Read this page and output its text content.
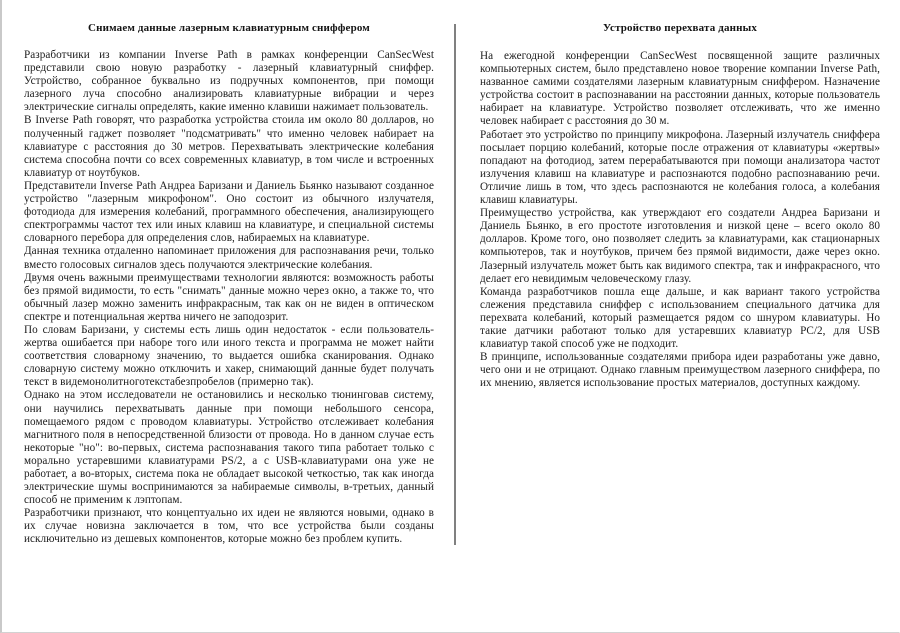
Снимаем данные лазерным клавиатурным сниффером

Разработчики из компании Inverse Path в рамках конференции CanSecWest представили свою новую разработку - лазерный клавиатурный сниффер. Устройство, собранное буквально из подручных компонентов, при помощи лазерного луча способно анализировать клавиатурные вибрации и через электрические сигналы определять, какие именно клавиши нажимает пользователь.

В Inverse Path говорят, что разработка устройства стоила им около 80 долларов, но полученный гаджет позволяет "подсматривать" что именно человек набирает на клавиатуре с расстояния до 30 метров. Перехватывать электрические колебания система способна почти со всех современных клавиатур, в том числе и встроенных клавиатур от ноутбуков.

Представители Inverse Path Андреа Баризани и Даниель Бьянко называют созданное устройство "лазерным микрофоном". Оно состоит из обычного излучателя, фотодиода для измерения колебаний, программного обеспечения, анализирующего спектрограммы частот тех или иных клавиш на клавиатуре, и специальной системы словарного перебора для определения слов, набираемых на клавиатуре.

Данная техника отдаленно напоминает приложения для распознавания речи, только вместо голосовых сигналов здесь получаются электрические колебания.

Двумя очень важными преимуществами технологии являются: возможность работы без прямой видимости, то есть "снимать" данные можно через окно, а также то, что обычный лазер можно заменить инфракрасным, так как он не виден в оптическом спектре и потенциальная жертва ничего не заподозрит.

По словам Баризани, у системы есть лишь один недостаток - если пользователь-жертва ошибается при наборе того или иного текста и программа не может найти соответствия словарному значению, то выдается ошибка сканирования. Однако словарную систему можно отключить и хакер, снимающий данные будет получать текст в видемонолитноготекстабезпробелов (примерно так).

Однако на этом исследователи не остановились и несколько тюнинговав систему, они научились перехватывать данные при помощи небольшого сенсора, помещаемого рядом с проводом клавиатуры. Устройство отслеживает колебания магнитного поля в непосредственной близости от провода. Но в данном случае есть некоторые "но": во-первых, система распознавания такого типа работает только с морально устаревшими клавиатурами PS/2, а с USB-клавиатурами она уже не работает, а во-вторых, система пока не обладает высокой четкостью, так как иногда электрические шумы воспринимаются за набираемые символы, в-третьих, данный способ не применим к лэптопам.

Разработчики признают, что концептуально их идеи не являются новыми, однако в их случае новизна заключается в том, что все устройства были созданы исключительно из дешевых компонентов, которые можно без проблем купить.

Устройство перехвата данных

На ежегодной конференции CanSecWest посвященной защите различных компьютерных систем, было представлено новое творение компании Inverse Path, названное самими создателями лазерным клавиатурным сниффером. Назначение устройства состоит в распознавании на расстоянии данных, которые пользователь набирает на клавиатуре. Устройство позволяет отслеживать, что же именно человек набирает с расстояния до 30 м.

Работает это устройство по принципу микрофона. Лазерный излучатель сниффера посылает порцию колебаний, которые после отражения от клавиатуры «жертвы» попадают на фотодиод, затем перерабатываются при помощи анализатора частот излучения клавиш на клавиатуре и распознаются подобно распознаванию речи. Отличие лишь в том, что здесь распознаются не колебания голоса, а колебания клавиш клавиатуры.

Преимущество устройства, как утверждают его создатели Андреа Баризани и Даниель Бьянко, в его простоте изготовления и низкой цене – всего около 80 долларов. Кроме того, оно позволяет следить за клавиатурами, как стационарных компьютеров, так и ноутбуков, причем без прямой видимости, даже через окно. Лазерный излучатель может быть как видимого спектра, так и инфракрасного, что делает его невидимым человеческому глазу.

Команда разработчиков пошла еще дальше, и как вариант такого устройства слежения представила сниффер с использованием специального датчика для перехвата колебаний, который размещается рядом со шнуром клавиатуры. Но такие датчики работают только для устаревших клавиатур PC/2, для USB клавиатур такой способ уже не подходит.

В принципе, использованные создателями прибора идеи разработаны уже давно, чего они и не отрицают. Однако главным преимуществом лазерного сниффера, по их мнению, является использование простых материалов, доступных каждому.
